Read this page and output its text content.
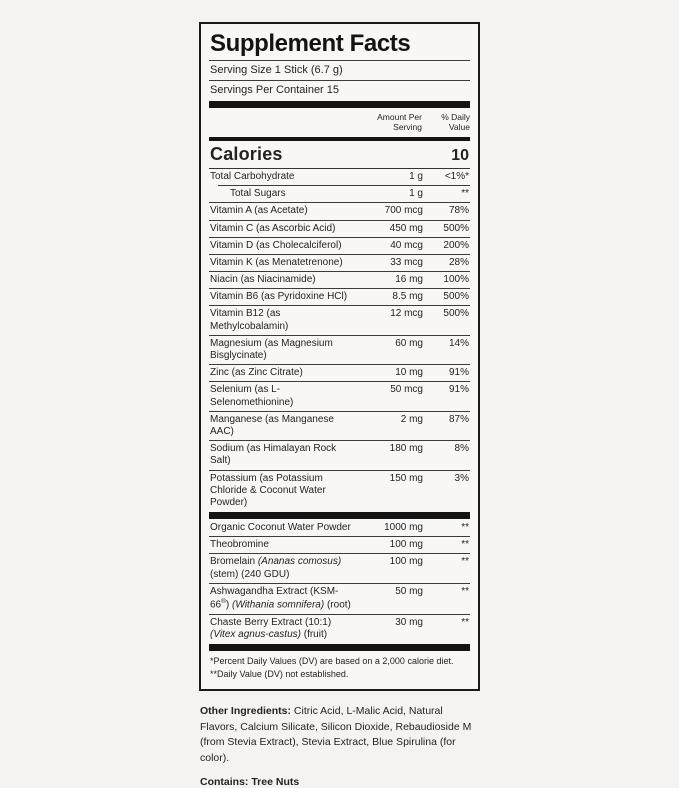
Supplement Facts
Serving Size 1 Stick (6.7 g)
Servings Per Container 15
Amount Per Serving
% Daily Value
Calories	10
Total Carbohydrate	1 g	<1%*
Total Sugars	1 g	**
Vitamin A (as Acetate)	700 mcg	78%
Vitamin C (as Ascorbic Acid)	450 mg	500%
Vitamin D (as Cholecalciferol)	40 mcg	200%
Vitamin K (as Menatetrenone)	33 mcg	28%
Niacin (as Niacinamide)	16 mg	100%
Vitamin B6 (as Pyridoxine HCl)	8.5 mg	500%
Vitamin B12 (as Methylcobalamin)
12 mcg	500%
Magnesium (as Magnesium Bisglycinate)
60 mg	14%
Zinc (as Zinc Citrate)	10 mg	91%
Selenium (as L-Selenomethionine)
50 mcg	91%
Manganese (as Manganese AAC)
2 mg	87%
Sodium (as Himalayan Rock Salt)
180 mg	8%
Potassium (as Potassium Chloride & Coconut Water Powder)
150 mg	3%
Organic Coconut Water Powder	1000 mg	**
Theobromine	100 mg	**
Bromelain (Ananas comosus) (stem) (240 GDU)
100 mg	**
Ashwagandha Extract (KSM-66®) (Withania somnifera) (root)
50 mg	**
Chaste Berry Extract (10:1) (Vitex agnus-castus) (fruit)
30 mg	**
*Percent Daily Values (DV) are based on a 2,000 calorie diet.
**Daily Value (DV) not established.

Other Ingredients: Citric Acid, L-Malic Acid, Natural Flavors, Calcium Silicate, Silicon Dioxide, Rebaudioside M (from Stevia Extract), Stevia Extract, Blue Spirulina (for color).

Contains: Tree Nuts
